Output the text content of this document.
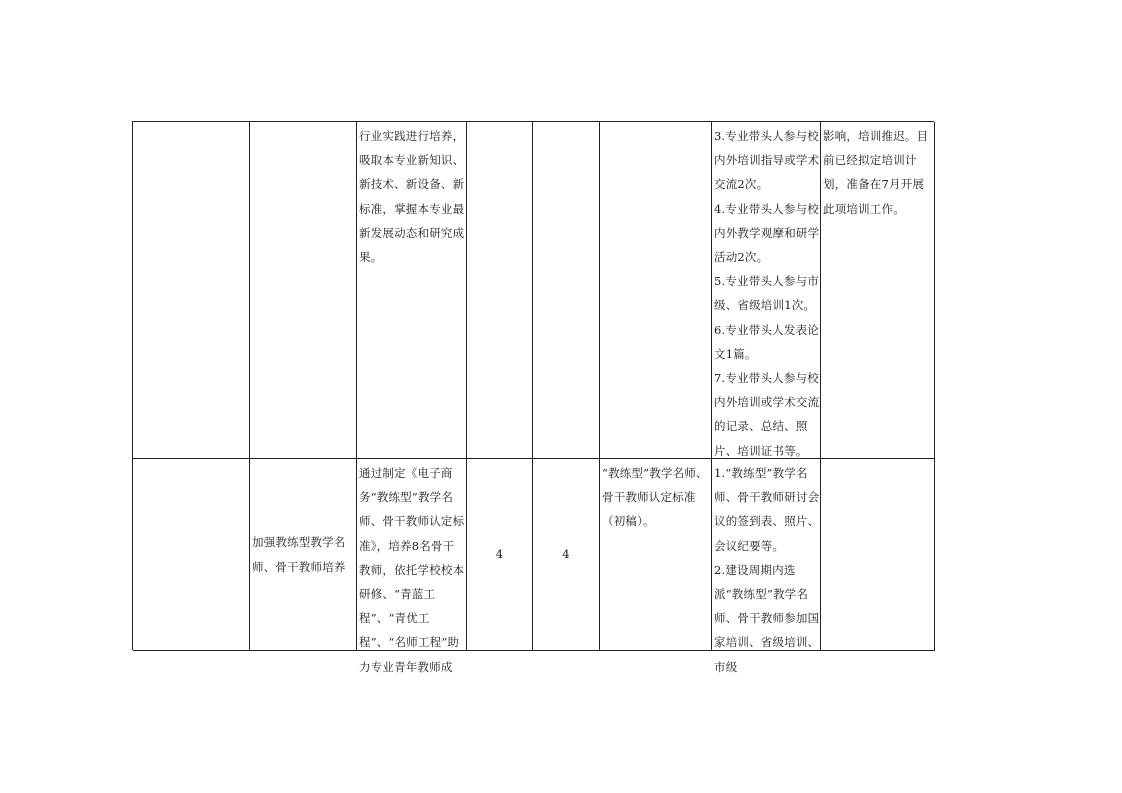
行业实践进行培养，吸取本专业新知识、新技术、新设备、新标准，掌握本专业最新发展动态和研究成果。

3.专业带头人参与校内外培训指导或学术交流2次。
4.专业带头人参与校内外教学观摩和研学活动2次。
5.专业带头人参与市级、省级培训1次。
6.专业带头人发表论文1篇。
7.专业带头人参与校内外培训或学术交流的记录、总结、照片、培训证书等。

影响，培训推迟。目前已经拟定培训计划，准备在7月开展此项培训工作。

加强教练型教学名师、骨干教师培养

通过制定《电子商务“教练型”教学名师、骨干教师认定标准》，培养8名骨干教师，依托学校校本研修、“青蓝工程”、“青优工程”、“名师工程”助力专业青年教师成

4	4

“教练型”教学名师、骨干教师认定标准（初稿）。

1.“教练型”教学名师、骨干教师研讨会议的签到表、照片、会议纪要等。
2.建设周期内选派“教练型”教学名师、骨干教师参加国家培训、省级培训、市级
